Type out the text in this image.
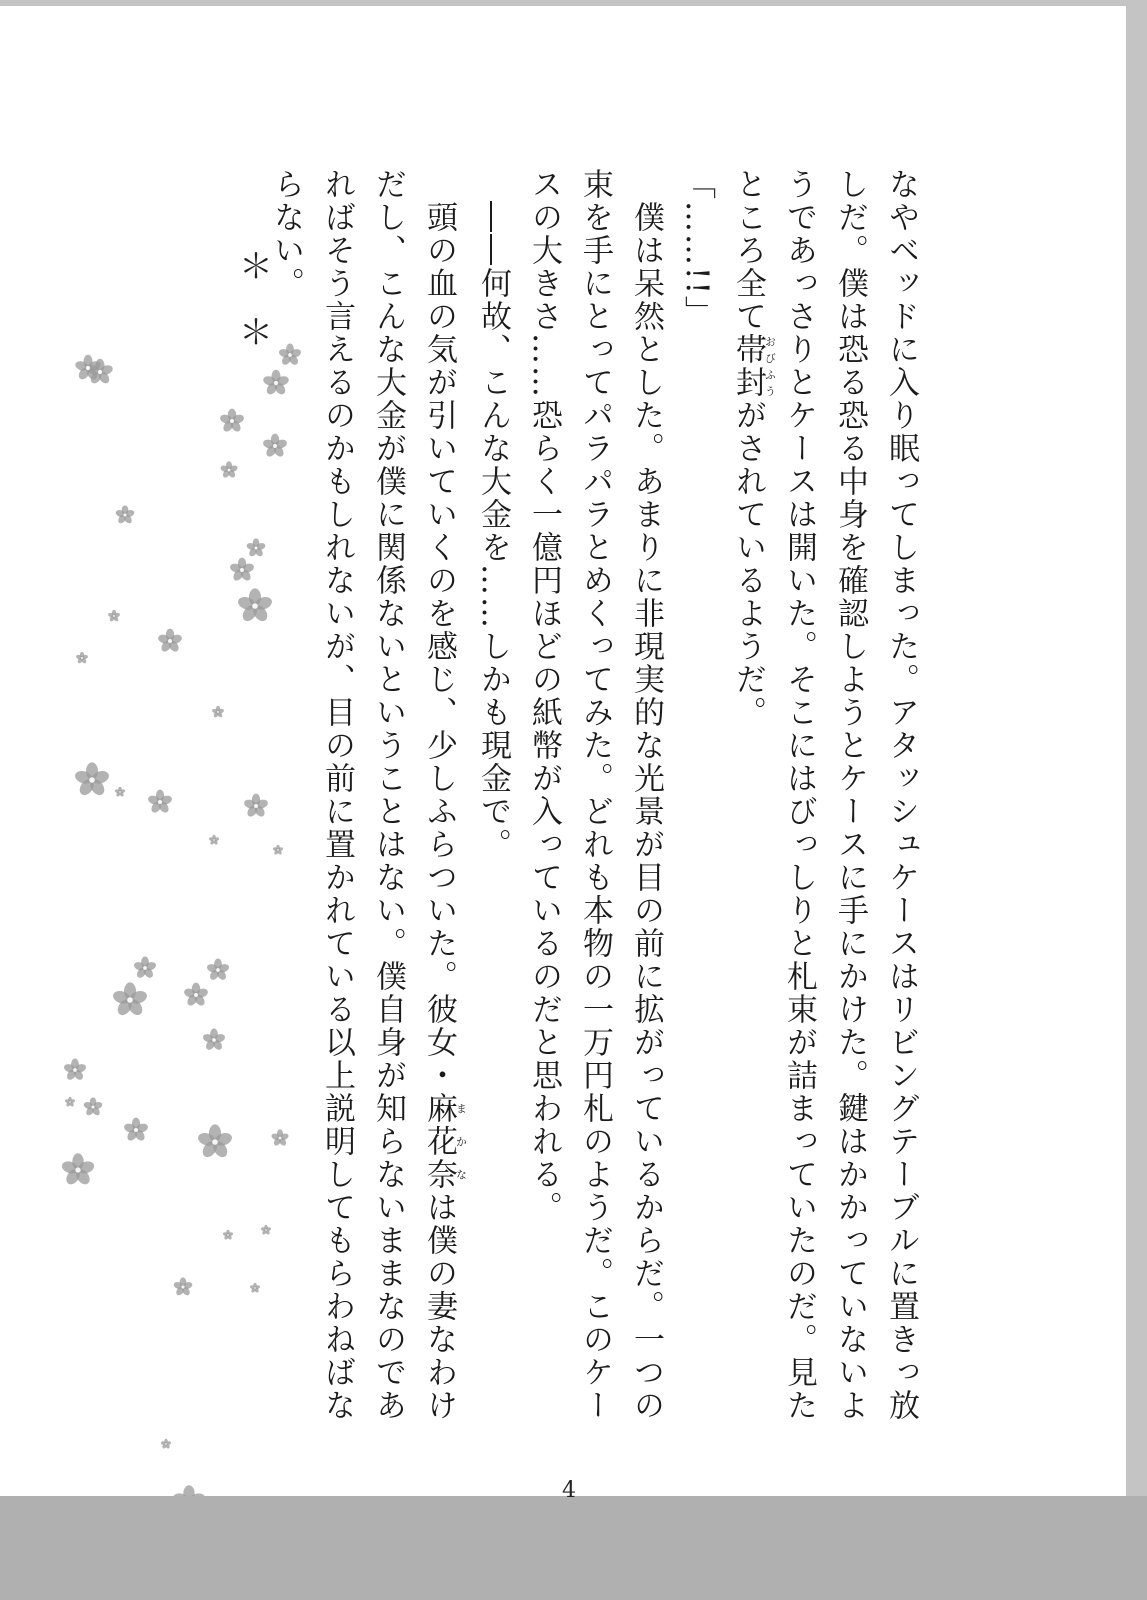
なやベッドに入り眠ってしまった。アタッシュケースはリビングテーブルに置きっ放しだ。僕は恐る恐る中身を確認しようとケースに手にかけた。鍵はかかっていないようであっさりとケースは開いた。そこにはびっしりと札束が詰まっていたのだ。見たところ全て帯封おびふうがされているようだ。

「……!!」

　僕は呆然とした。あまりに非現実的な光景が目の前に拡がっているからだ。一つの束を手にとってパラパラとめくってみた。どれも本物の一万円札のようだ。このケースの大きさ……恐らく一億円ほどの紙幣が入っているのだと思われる。

　――何故、こんな大金を……しかも現金で。

　頭の血の気が引いていくのを感じ、少しふらついた。彼女・麻花奈まかなは僕の妻なわけだし、こんな大金が僕に関係ないということはない。僕自身が知らないままなのであればそう言えるのかもしれないが、目の前に置かれている以上説明してもらわねばならない。

＊＊
4
